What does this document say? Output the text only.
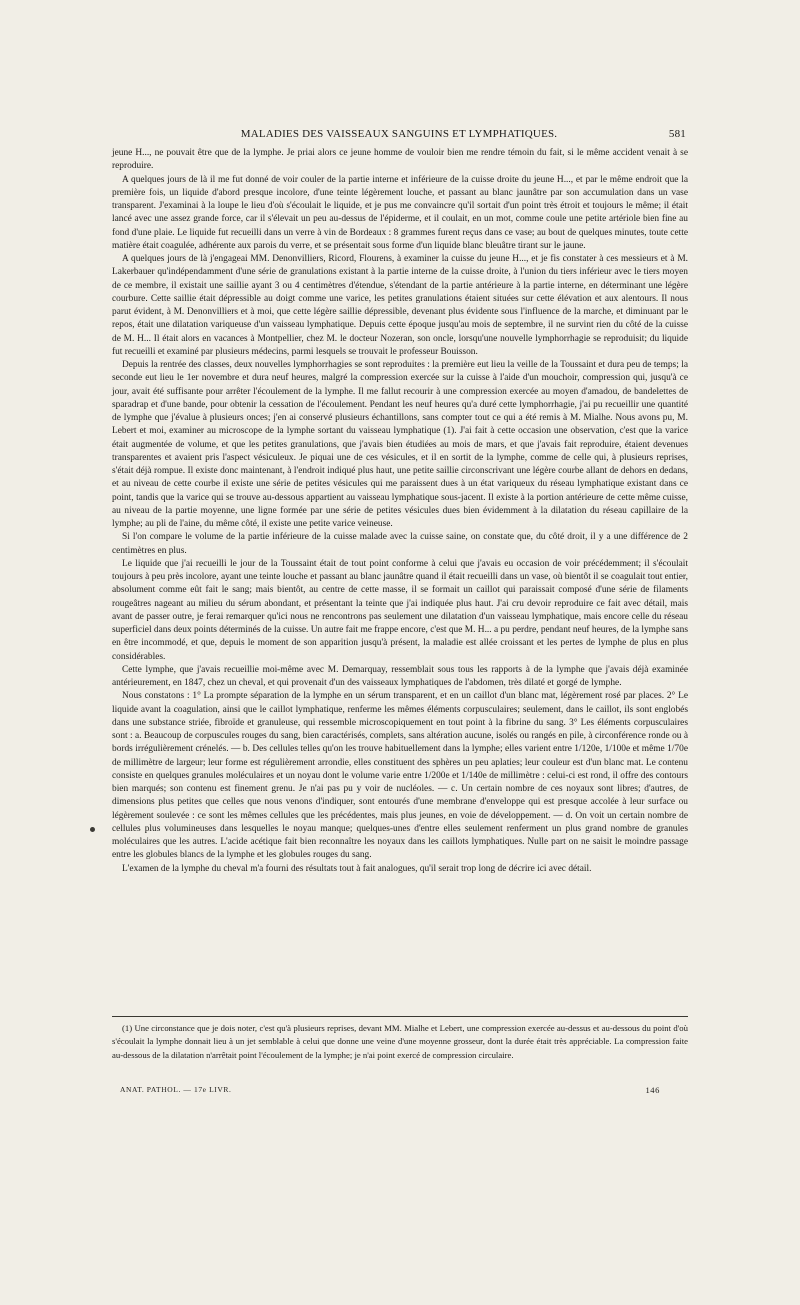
MALADIES DES VAISSEAUX SANGUINS ET LYMPHATIQUES.	581

jeune H..., ne pouvait être que de la lymphe. Je priai alors ce jeune homme de vouloir bien me rendre témoin du fait, si le même accident venait à se reproduire.

A quelques jours de là il me fut donné de voir couler de la partie interne et inférieure de la cuisse droite du jeune H..., et par le même endroit que la première fois, un liquide d'abord presque incolore, d'une teinte légèrement louche, et passant au blanc jaunâtre par son accumulation dans un vase transparent. J'examinai à la loupe le lieu d'où s'écoulait le liquide, et je pus me convaincre qu'il sortait d'un point très étroit et toujours le même; il était lancé avec une assez grande force, car il s'élevait un peu au-dessus de l'épiderme, et il coulait, en un mot, comme coule une petite artériole bien fine au fond d'une plaie. Le liquide fut recueilli dans un verre à vin de Bordeaux : 8 grammes furent reçus dans ce vase; au bout de quelques minutes, toute cette matière était coagulée, adhérente aux parois du verre, et se présentait sous forme d'un liquide blanc bleuâtre tirant sur le jaune.

A quelques jours de là j'engageai MM. Denonvilliers, Ricord, Flourens, à examiner la cuisse du jeune H..., et je fis constater à ces messieurs et à M. Lakerbauer qu'indépendamment d'une série de granulations existant à la partie interne de la cuisse droite, à l'union du tiers inférieur avec le tiers moyen de ce membre, il existait une saillie ayant 3 ou 4 centimètres d'étendue, s'étendant de la partie antérieure à la partie interne, en déterminant une légère courbure. Cette saillie était dépressible au doigt comme une varice, les petites granulations étaient situées sur cette élévation et aux alentours. Il nous parut évident, à M. Denonvilliers et à moi, que cette légère saillie dépressible, devenant plus évidente sous l'influence de la marche, et diminuant par le repos, était une dilatation variqueuse d'un vaisseau lymphatique. Depuis cette époque jusqu'au mois de septembre, il ne survint rien du côté de la cuisse de M. H... Il était alors en vacances à Montpellier, chez M. le docteur Nozeran, son oncle, lorsqu'une nouvelle lymphorrhagie se reproduisit; du liquide fut recueilli et examiné par plusieurs médecins, parmi lesquels se trouvait le professeur Bouisson.

Depuis la rentrée des classes, deux nouvelles lymphorrhagies se sont reproduites : la première eut lieu la veille de la Toussaint et dura peu de temps; la seconde eut lieu le 1er novembre et dura neuf heures, malgré la compression exercée sur la cuisse à l'aide d'un mouchoir, compression qui, jusqu'à ce jour, avait été suffisante pour arrêter l'écoulement de la lymphe. Il me fallut recourir à une compression exercée au moyen d'amadou, de bandelettes de sparadrap et d'une bande, pour obtenir la cessation de l'écoulement. Pendant les neuf heures qu'a duré cette lymphorrhagie, j'ai pu recueillir une quantité de lymphe que j'évalue à plusieurs onces; j'en ai conservé plusieurs échantillons, sans compter tout ce qui a été remis à M. Mialhe. Nous avons pu, M. Lebert et moi, examiner au microscope de la lymphe sortant du vaisseau lymphatique (1). J'ai fait à cette occasion une observation, c'est que la varice était augmentée de volume, et que les petites granulations, que j'avais bien étudiées au mois de mars, et que j'avais fait reproduire, étaient devenues transparentes et avaient pris l'aspect vésiculeux. Je piquai une de ces vésicules, et il en sortit de la lymphe, comme de celle qui, à plusieurs reprises, s'était déjà rompue. Il existe donc maintenant, à l'endroit indiqué plus haut, une petite saillie circonscrivant une légère courbe allant de dehors en dedans, et au niveau de cette courbe il existe une série de petites vésicules qui me paraissent dues à un état variqueux du réseau lymphatique existant dans ce point, tandis que la varice qui se trouve au-dessous appartient au vaisseau lymphatique sous-jacent. Il existe à la portion antérieure de cette même cuisse, au niveau de la partie moyenne, une ligne formée par une série de petites vésicules dues bien évidemment à la dilatation du réseau capillaire de la lymphe; au pli de l'aine, du même côté, il existe une petite varice veineuse.

Si l'on compare le volume de la partie inférieure de la cuisse malade avec la cuisse saine, on constate que, du côté droit, il y a une différence de 2 centimètres en plus.

Le liquide que j'ai recueilli le jour de la Toussaint était de tout point conforme à celui que j'avais eu occasion de voir précédemment; il s'écoulait toujours à peu près incolore, ayant une teinte louche et passant au blanc jaunâtre quand il était recueilli dans un vase, où bientôt il se coagulait tout entier, absolument comme eût fait le sang; mais bientôt, au centre de cette masse, il se formait un caillot qui paraissait composé d'une série de filaments rougeâtres nageant au milieu du sérum abondant, et présentant la teinte que j'ai indiquée plus haut. J'ai cru devoir reproduire ce fait avec détail, mais avant de passer outre, je ferai remarquer qu'ici nous ne rencontrons pas seulement une dilatation d'un vaisseau lymphatique, mais encore celle du réseau superficiel dans deux points déterminés de la cuisse. Un autre fait me frappe encore, c'est que M. H... a pu perdre, pendant neuf heures, de la lymphe sans en être incommodé, et que, depuis le moment de son apparition jusqu'à présent, la maladie est allée croissant et les pertes de lymphe de plus en plus considérables.

Cette lymphe, que j'avais recueillie moi-même avec M. Demarquay, ressemblait sous tous les rapports à de la lymphe que j'avais déjà examinée antérieurement, en 1847, chez un cheval, et qui provenait d'un des vaisseaux lymphatiques de l'abdomen, très dilaté et gorgé de lymphe.

Nous constatons : 1° La prompte séparation de la lymphe en un sérum transparent, et en un caillot d'un blanc mat, légèrement rosé par places. 2° Le liquide avant la coagulation, ainsi que le caillot lymphatique, renferme les mêmes éléments corpusculaires; seulement, dans le caillot, ils sont englobés dans une substance striée, fibroïde et granuleuse, qui ressemble microscopiquement en tout point à la fibrine du sang. 3° Les éléments corpusculaires sont : a. Beaucoup de corpuscules rouges du sang, bien caractérisés, complets, sans altération aucune, isolés ou rangés en pile, à circonférence ronde ou à bords irrégulièrement crénelés. — b. Des cellules telles qu'on les trouve habituellement dans la lymphe; elles varient entre 1/120e, 1/100e et même 1/70e de millimètre de largeur; leur forme est régulièrement arrondie, elles constituent des sphères un peu aplaties; leur couleur est d'un blanc mat. Le contenu consiste en quelques granules moléculaires et un noyau dont le volume varie entre 1/200e et 1/140e de millimètre : celui-ci est rond, il offre des contours bien marqués; son contenu est finement grenu. Je n'ai pas pu y voir de nucléoles. — c. Un certain nombre de ces noyaux sont libres; d'autres, de dimensions plus petites que celles que nous venons d'indiquer, sont entourés d'une membrane d'enveloppe qui est presque accolée à leur surface ou légèrement soulevée : ce sont les mêmes cellules que les précédentes, mais plus jeunes, en voie de développement. — d. On voit un certain nombre de cellules plus volumineuses dans lesquelles le noyau manque; quelques-unes d'entre elles seulement renferment un plus grand nombre de granules moléculaires que les autres. L'acide acétique fait bien reconnaître les noyaux dans les caillots lymphatiques. Nulle part on ne saisit le moindre passage entre les globules blancs de la lymphe et les globules rouges du sang.

L'examen de la lymphe du cheval m'a fourni des résultats tout à fait analogues, qu'il serait trop long de décrire ici avec détail.

(1) Une circonstance que je dois noter, c'est qu'à plusieurs reprises, devant MM. Mialhe et Lebert, une compression exercée au-dessus et au-dessous du point d'où s'écoulait la lymphe donnait lieu à un jet semblable à celui que donne une veine d'une moyenne grosseur, dont la durée était très appréciable. La compression faite au-dessous de la dilatation n'arrêtait point l'écoulement de la lymphe; je n'ai point exercé de compression circulaire.

ANAT. PATHOL. — 17e LIVR.	146
